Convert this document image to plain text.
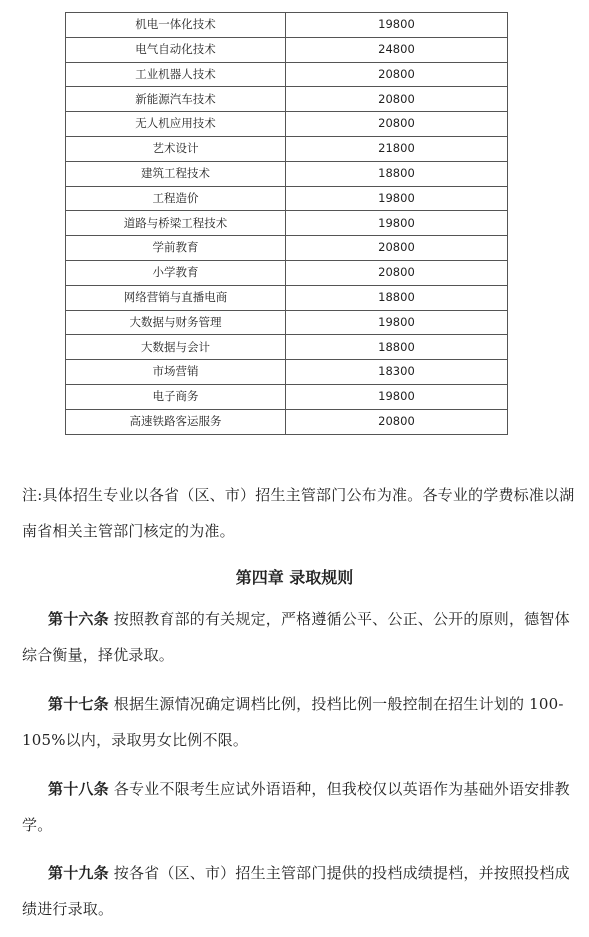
机电一体化技术	19800
电气自动化技术	24800
工业机器人技术	20800
新能源汽车技术	20800
无人机应用技术	20800
艺术设计	21800
建筑工程技术	18800
工程造价	19800
道路与桥梁工程技术	19800
学前教育	20800
小学教育	20800
网络营销与直播电商	18800
大数据与财务管理	19800
大数据与会计	18800
市场营销	18300
电子商务	19800
高速铁路客运服务	20800
注:具体招生专业以各省（区、市）招生主管部门公布为准。各专业的学费标准以湖南省相关主管部门核定的为准。
第四章 录取规则
第十六条 按照教育部的有关规定，严格遵循公平、公正、公开的原则，德智体综合衡量，择优录取。
第十七条 根据生源情况确定调档比例，投档比例一般控制在招生计划的 100-105%以内，录取男女比例不限。
第十八条 各专业不限考生应试外语语种，但我校仅以英语作为基础外语安排教学。
第十九条 按各省（区、市）招生主管部门提供的投档成绩提档，并按照投档成绩进行录取。
